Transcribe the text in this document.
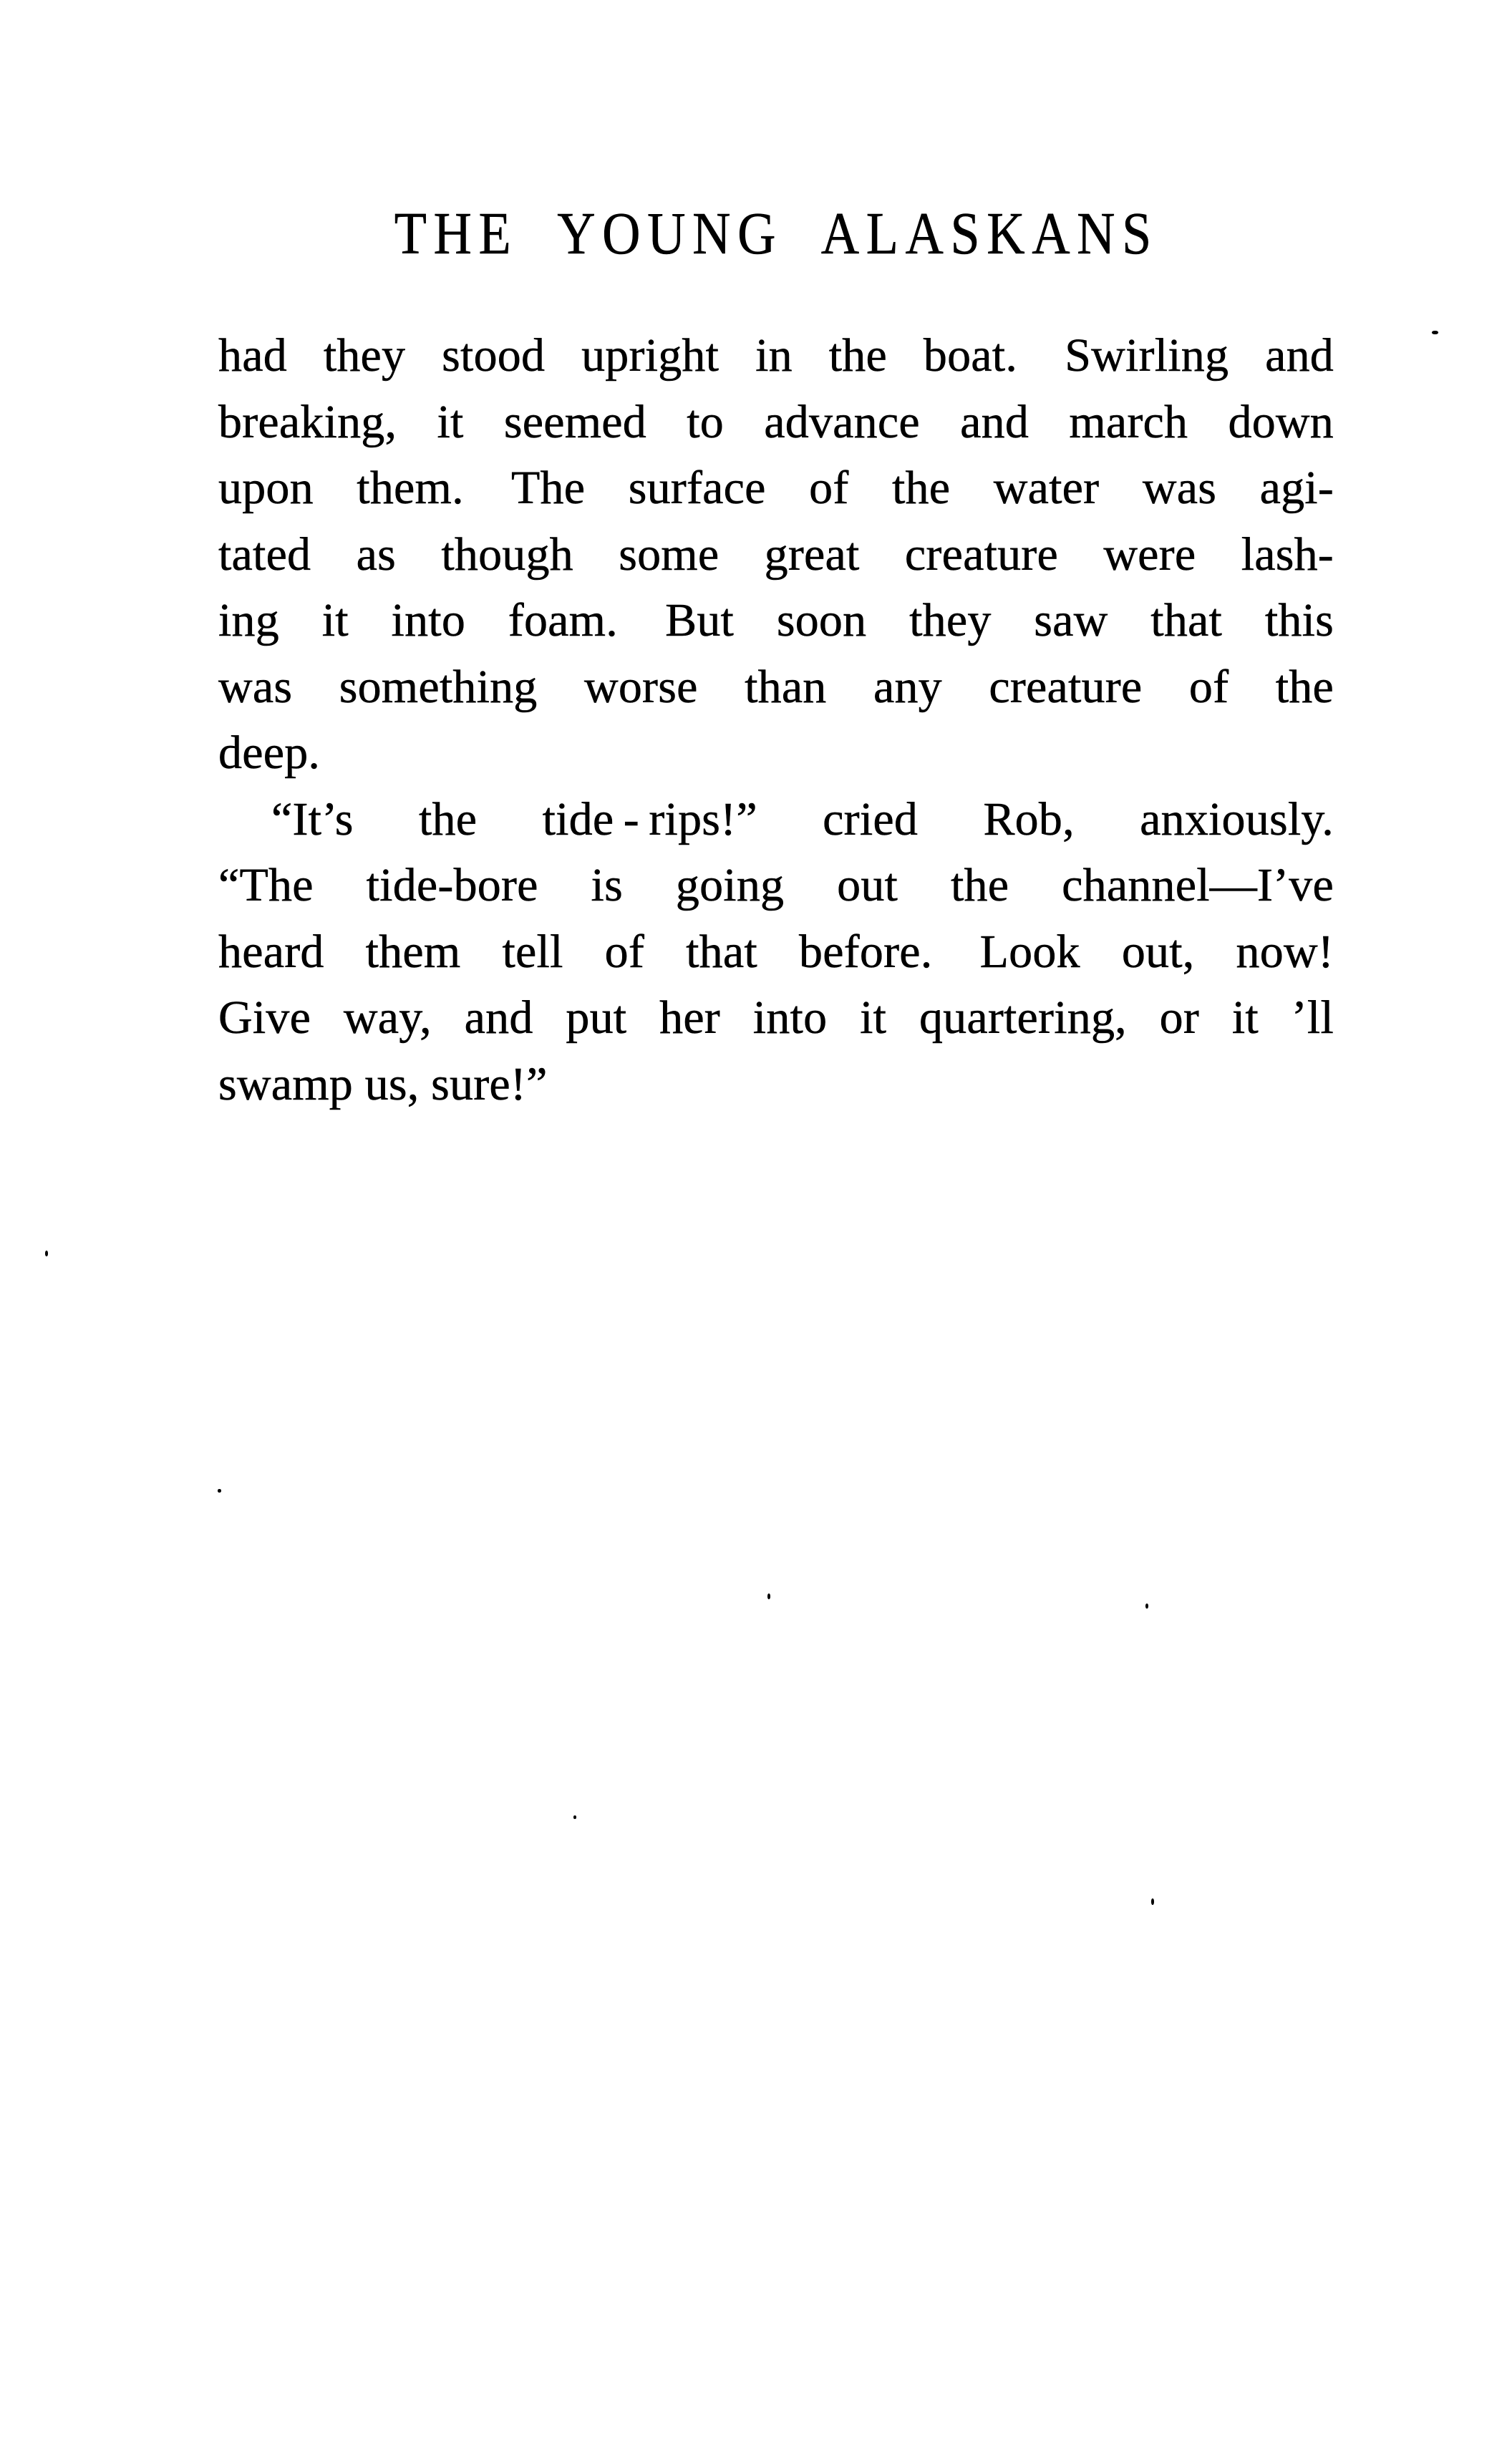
THE YOUNG ALASKANS
had they stood upright in the boat. Swirling and
breaking, it seemed to advance and march down
upon them. The surface of the water was agi-
tated as though some great creature were lash-
ing it into foam. But soon they saw that this
was something worse than any creature of the
deep.
“It’s the tide - rips!” cried Rob, anxiously.
“The tide-bore is going out the channel—I’ve
heard them tell of that before. Look out, now!
Give way, and put her into it quartering, or it ’ll
swamp us, sure!”
